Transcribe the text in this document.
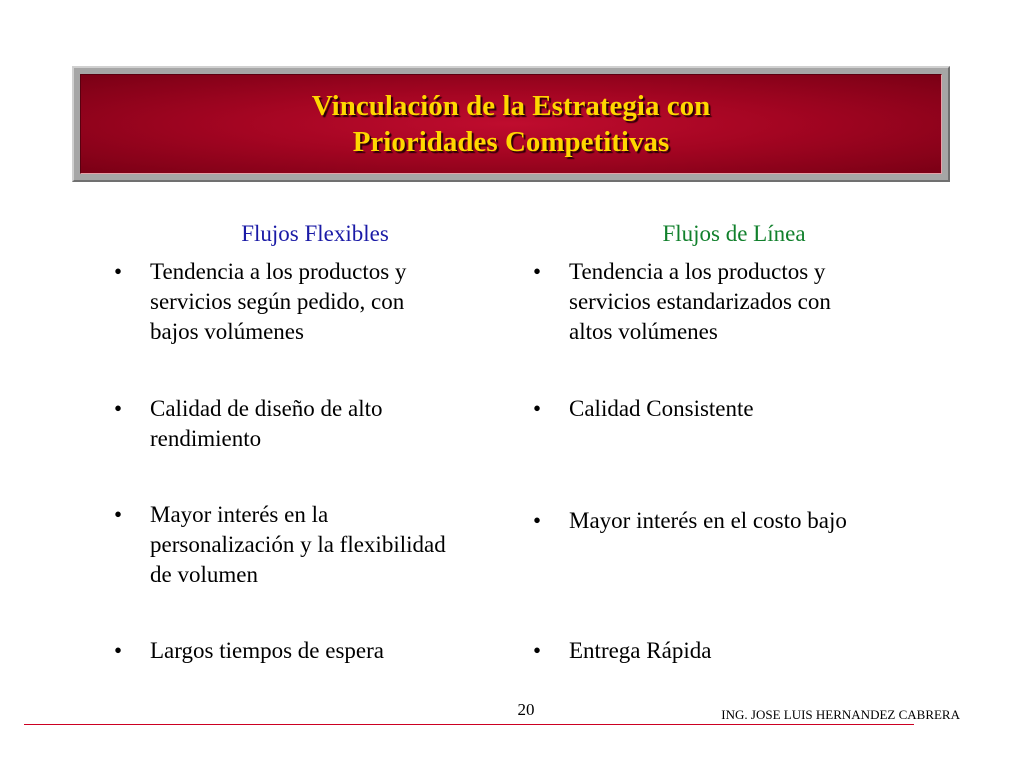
Vinculación de la Estrategia con
Prioridades Competitivas
Flujos Flexibles	Flujos de Línea
• Tendencia a los productos y
servicios según pedido, con
bajos volúmenes
• Calidad de diseño de alto
rendimiento
• Mayor interés en la
personalización y la flexibilidad
de volumen
• Largos tiempos de espera
• Tendencia a los productos y
servicios estandarizados con
altos volúmenes
• Calidad Consistente
• Mayor interés en el costo bajo
• Entrega Rápida
20	ING. JOSE LUIS HERNANDEZ CABRERA
